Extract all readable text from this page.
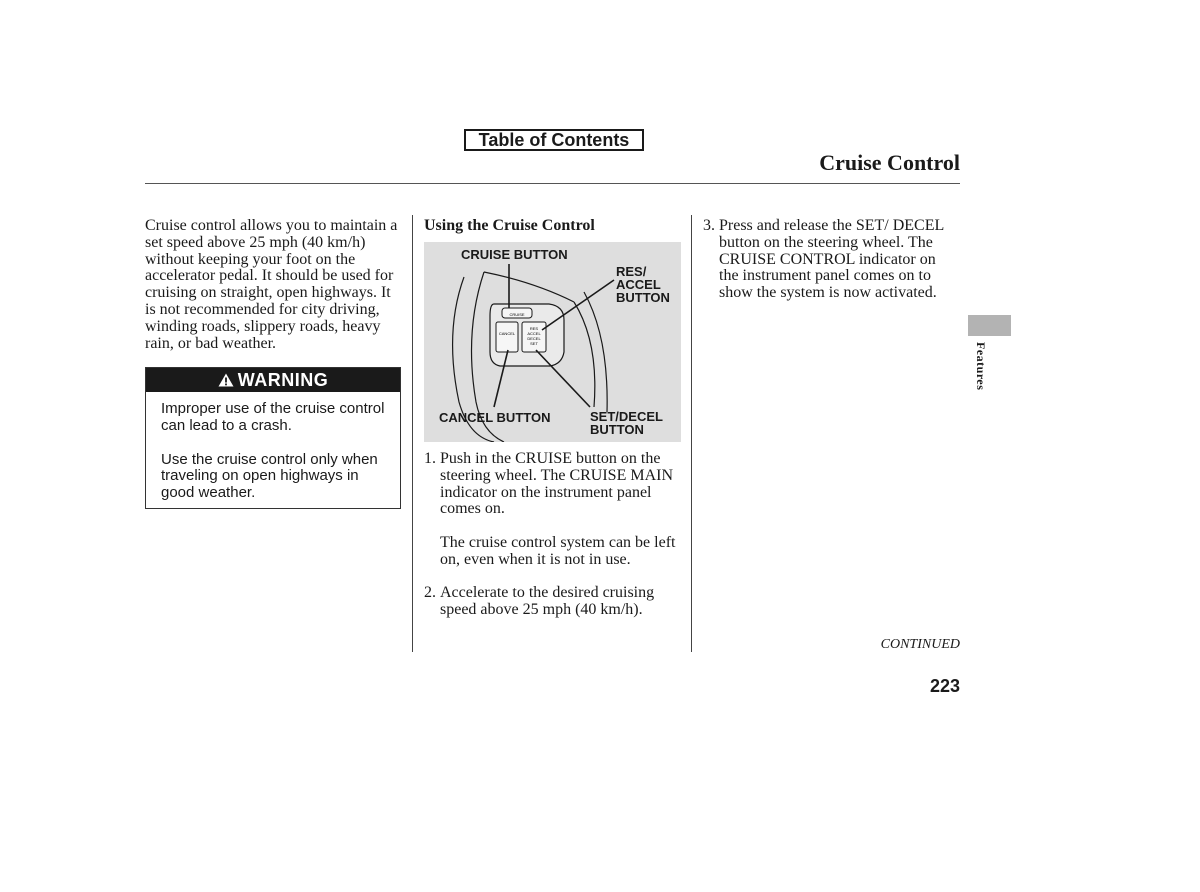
Table of Contents
Cruise Control

Cruise control allows you to maintain a set speed above 25 mph (40 km/h) without keeping your foot on the accelerator pedal. It should be used for cruising on straight, open highways. It is not recommended for city driving, winding roads, slippery roads, heavy rain, or bad weather.

WARNING

Improper use of the cruise control can lead to a crash.

Use the cruise control only when traveling on open highways in good weather.

Using the Cruise Control
CRUISE
CANCEL
RES
ACCEL
DECEL
SET
CRUISE BUTTON
RES/
ACCEL
BUTTON
CANCEL BUTTON	SET/DECEL
BUTTON
1. Push in the CRUISE button on the steering wheel. The CRUISE MAIN indicator on the instrument panel comes on.

The cruise control system can be left on, even when it is not in use.

2. Accelerate to the desired cruising speed above 25 mph (40 km/h).

3. Press and release the SET/ DECEL button on the steering wheel. The CRUISE CONTROL indicator on the instrument panel comes on to show the system is now activated.

Features
CONTINUED
223
